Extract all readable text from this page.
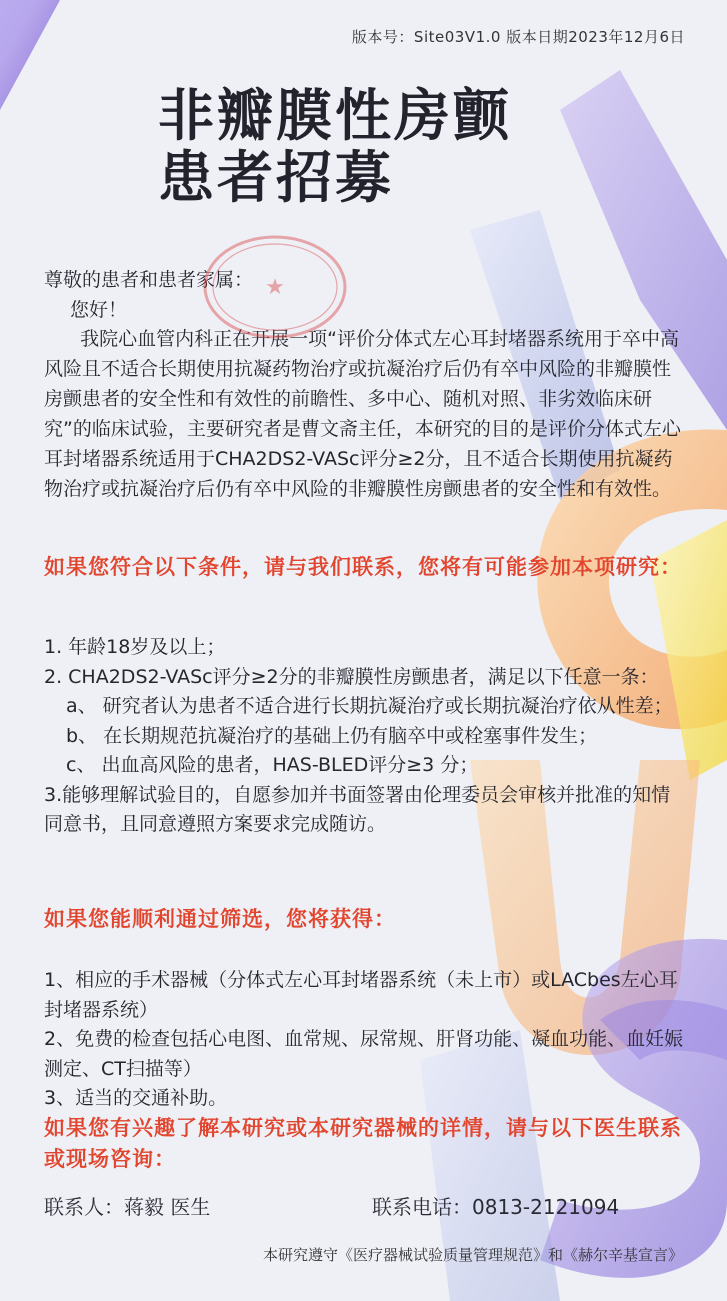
★
版本号：Site03V1.0 版本日期2023年12月6日
非瓣膜性房颤
患者招募
尊敬的患者和患者家属：
您好！
我院心血管内科正在开展一项“评价分体式左心耳封堵器系统用于卒中高风险且不适合长期使用抗凝药物治疗或抗凝治疗后仍有卒中风险的非瓣膜性房颤患者的安全性和有效性的前瞻性、多中心、随机对照、非劣效临床研究”的临床试验，主要研究者是曹文斋主任，本研究的目的是评价分体式左心耳封堵器系统适用于CHA2DS2-VASc评分≥2分，且不适合长期使用抗凝药物治疗或抗凝治疗后仍有卒中风险的非瓣膜性房颤患者的安全性和有效性。
如果您符合以下条件，请与我们联系，您将有可能参加本项研究：
1. 年龄18岁及以上；
2. CHA2DS2-VASc评分≥2分的非瓣膜性房颤患者，满足以下任意一条：
a、 研究者认为患者不适合进行长期抗凝治疗或长期抗凝治疗依从性差；
b、 在长期规范抗凝治疗的基础上仍有脑卒中或栓塞事件发生；
c、 出血高风险的患者，HAS-BLED评分≥3 分；
3.能够理解试验目的，自愿参加并书面签署由伦理委员会审核并批准的知情同意书，且同意遵照方案要求完成随访。
如果您能顺利通过筛选，您将获得：
1、相应的手术器械（分体式左心耳封堵器系统（未上市）或LACbes左心耳封堵器系统）
2、免费的检查包括心电图、血常规、尿常规、肝肾功能、凝血功能、血妊娠测定、CT扫描等）
3、适当的交通补助。
如果您有兴趣了解本研究或本研究器械的详情，请与以下医生联系或现场咨询：
联系人：蒋毅 医生	联系电话：0813-2121094
本研究遵守《医疗器械试验质量管理规范》和《赫尔辛基宣言》
